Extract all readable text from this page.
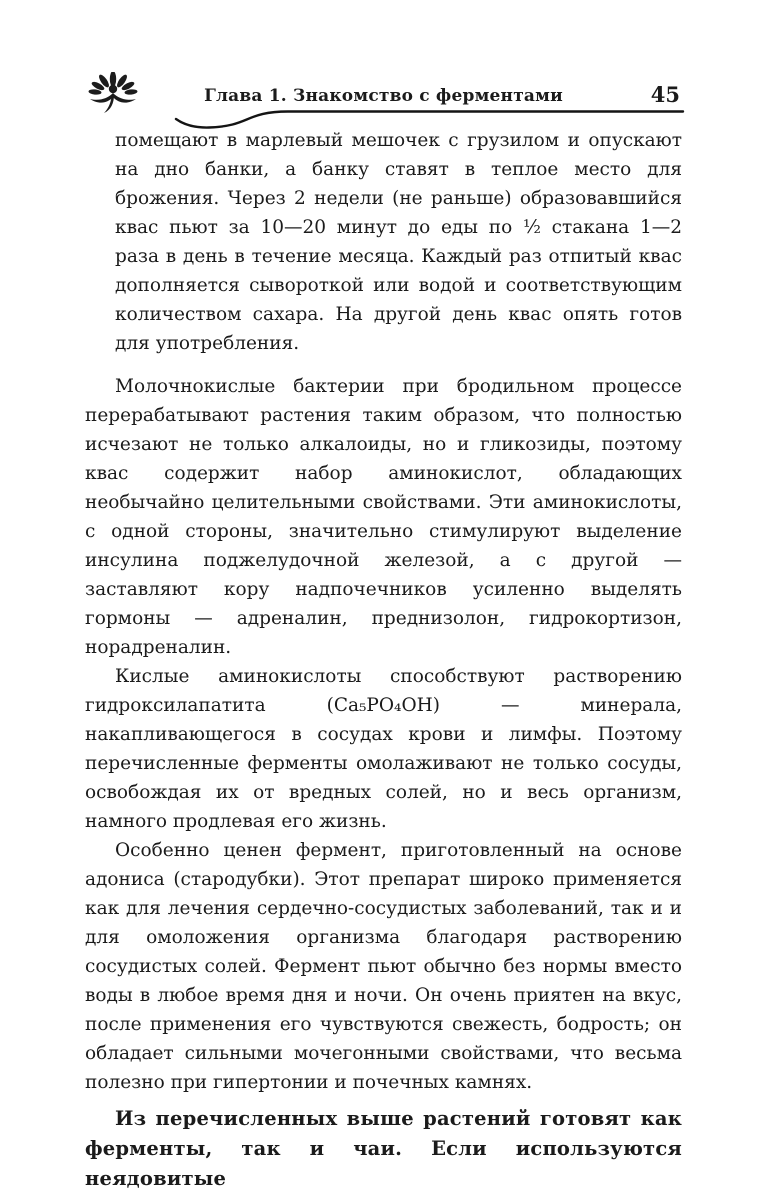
Глава 1. Знакомство с ферментами	45

помещают в марлевый мешочек с грузилом и опускают на дно банки, а банку ставят в теплое место для брожения. Через 2 недели (не раньше) образовавшийся квас пьют за 10—20 минут до еды по ½ стакана 1—2 раза в день в течение месяца. Каждый раз отпитый квас дополняется сывороткой или водой и соответствующим количеством сахара. На другой день квас опять готов для употребления.

Молочнокислые бактерии при бродильном процессе перерабатывают растения таким образом, что полностью исчезают не только алкалоиды, но и гликозиды, поэтому квас содержит набор аминокислот, обладающих необычайно целительными свойствами. Эти аминокислоты, с одной стороны, значительно стимулируют выделение инсулина поджелудочной железой, а с другой — заставляют кору надпочечников усиленно выделять гормоны — адреналин, преднизолон, гидрокортизон, норадреналин.

Кислые аминокислоты способствуют растворению гидроксилапатита (Ca₅PO₄OH) — минерала, накапливающегося в сосудах крови и лимфы. Поэтому перечисленные ферменты омолаживают не только сосуды, освобождая их от вредных солей, но и весь организм, намного продлевая его жизнь.

Особенно ценен фермент, приготовленный на основе адониса (стародубки). Этот препарат широко применяется как для лечения сердечно-сосудистых заболеваний, так и и для омоложения организма благодаря растворению сосудистых солей. Фермент пьют обычно без нормы вместо воды в любое время дня и ночи. Он очень приятен на вкус, после применения его чувствуются свежесть, бодрость; он обладает сильными мочегонными свойствами, что весьма полезно при гипертонии и почечных камнях.

Из перечисленных выше растений готовят как ферменты, так и чаи. Если используются неядовитые
